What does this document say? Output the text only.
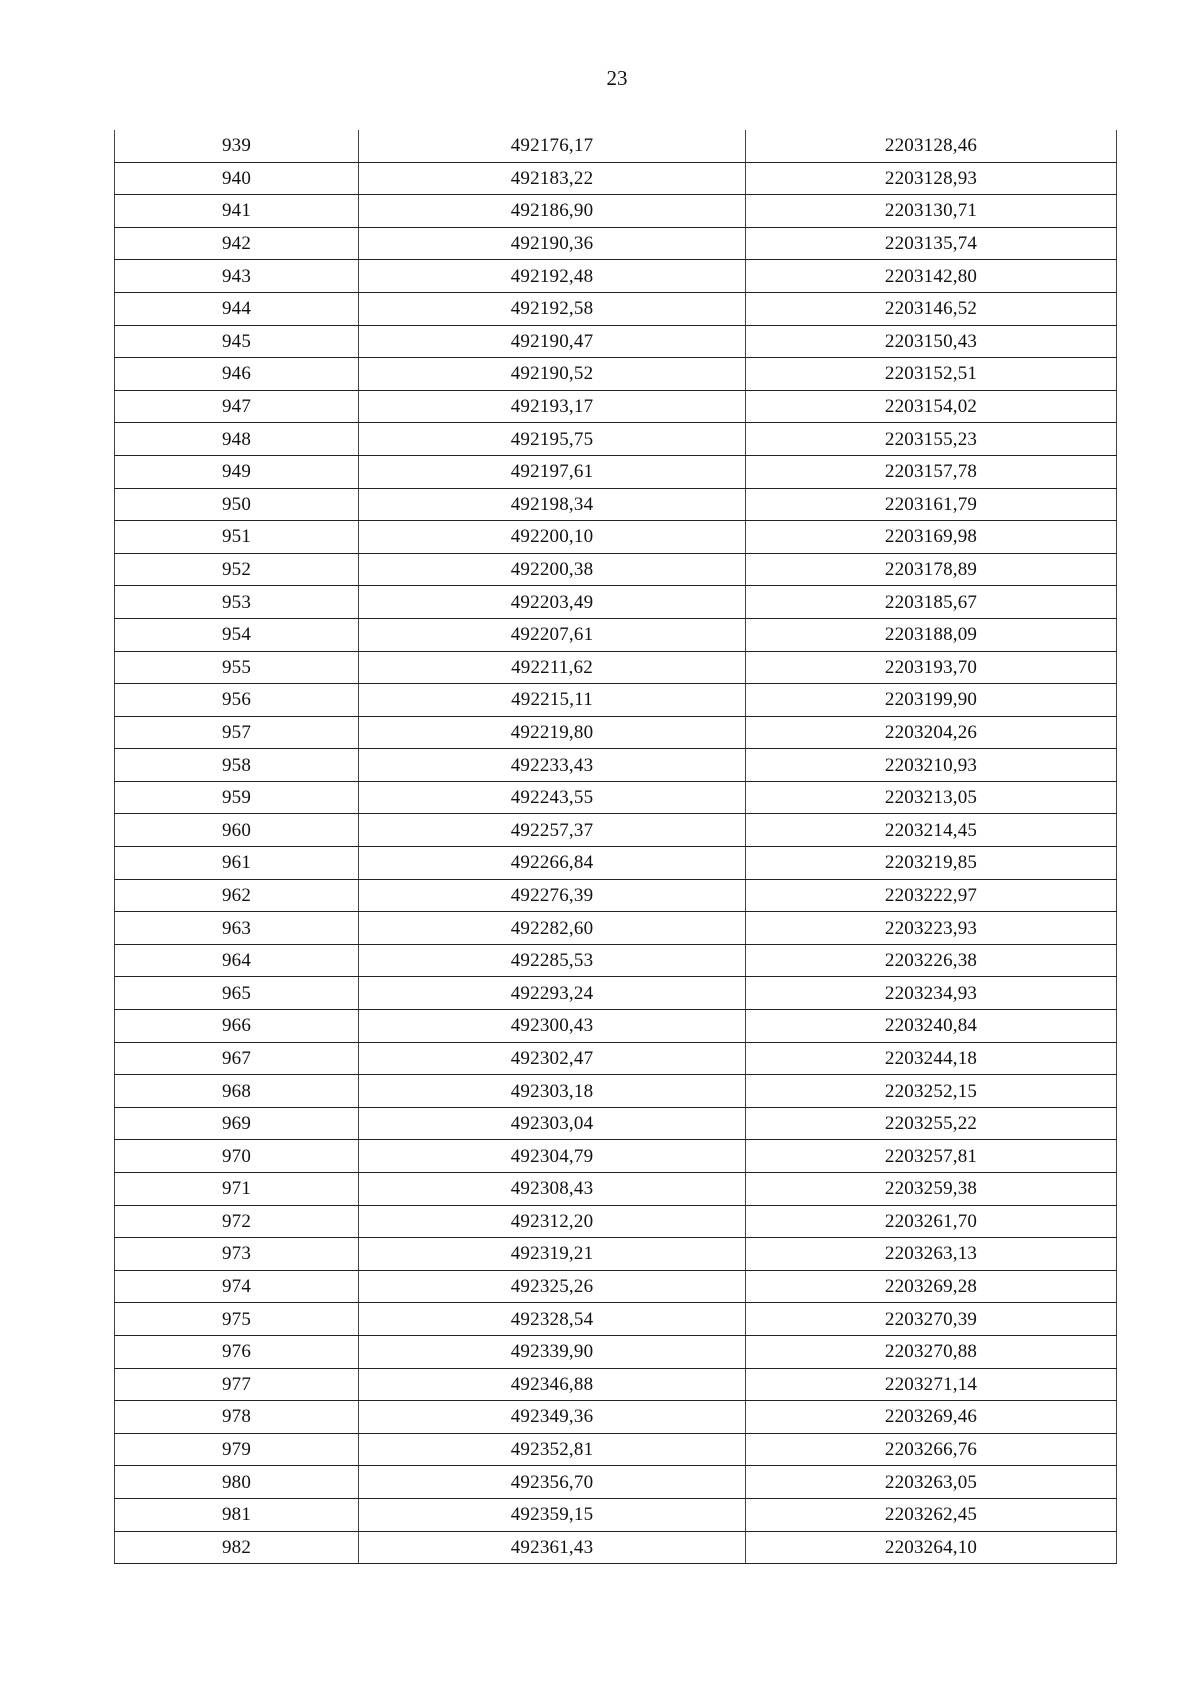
23
939	492176,17	2203128,46
940	492183,22	2203128,93
941	492186,90	2203130,71
942	492190,36	2203135,74
943	492192,48	2203142,80
944	492192,58	2203146,52
945	492190,47	2203150,43
946	492190,52	2203152,51
947	492193,17	2203154,02
948	492195,75	2203155,23
949	492197,61	2203157,78
950	492198,34	2203161,79
951	492200,10	2203169,98
952	492200,38	2203178,89
953	492203,49	2203185,67
954	492207,61	2203188,09
955	492211,62	2203193,70
956	492215,11	2203199,90
957	492219,80	2203204,26
958	492233,43	2203210,93
959	492243,55	2203213,05
960	492257,37	2203214,45
961	492266,84	2203219,85
962	492276,39	2203222,97
963	492282,60	2203223,93
964	492285,53	2203226,38
965	492293,24	2203234,93
966	492300,43	2203240,84
967	492302,47	2203244,18
968	492303,18	2203252,15
969	492303,04	2203255,22
970	492304,79	2203257,81
971	492308,43	2203259,38
972	492312,20	2203261,70
973	492319,21	2203263,13
974	492325,26	2203269,28
975	492328,54	2203270,39
976	492339,90	2203270,88
977	492346,88	2203271,14
978	492349,36	2203269,46
979	492352,81	2203266,76
980	492356,70	2203263,05
981	492359,15	2203262,45
982	492361,43	2203264,10
